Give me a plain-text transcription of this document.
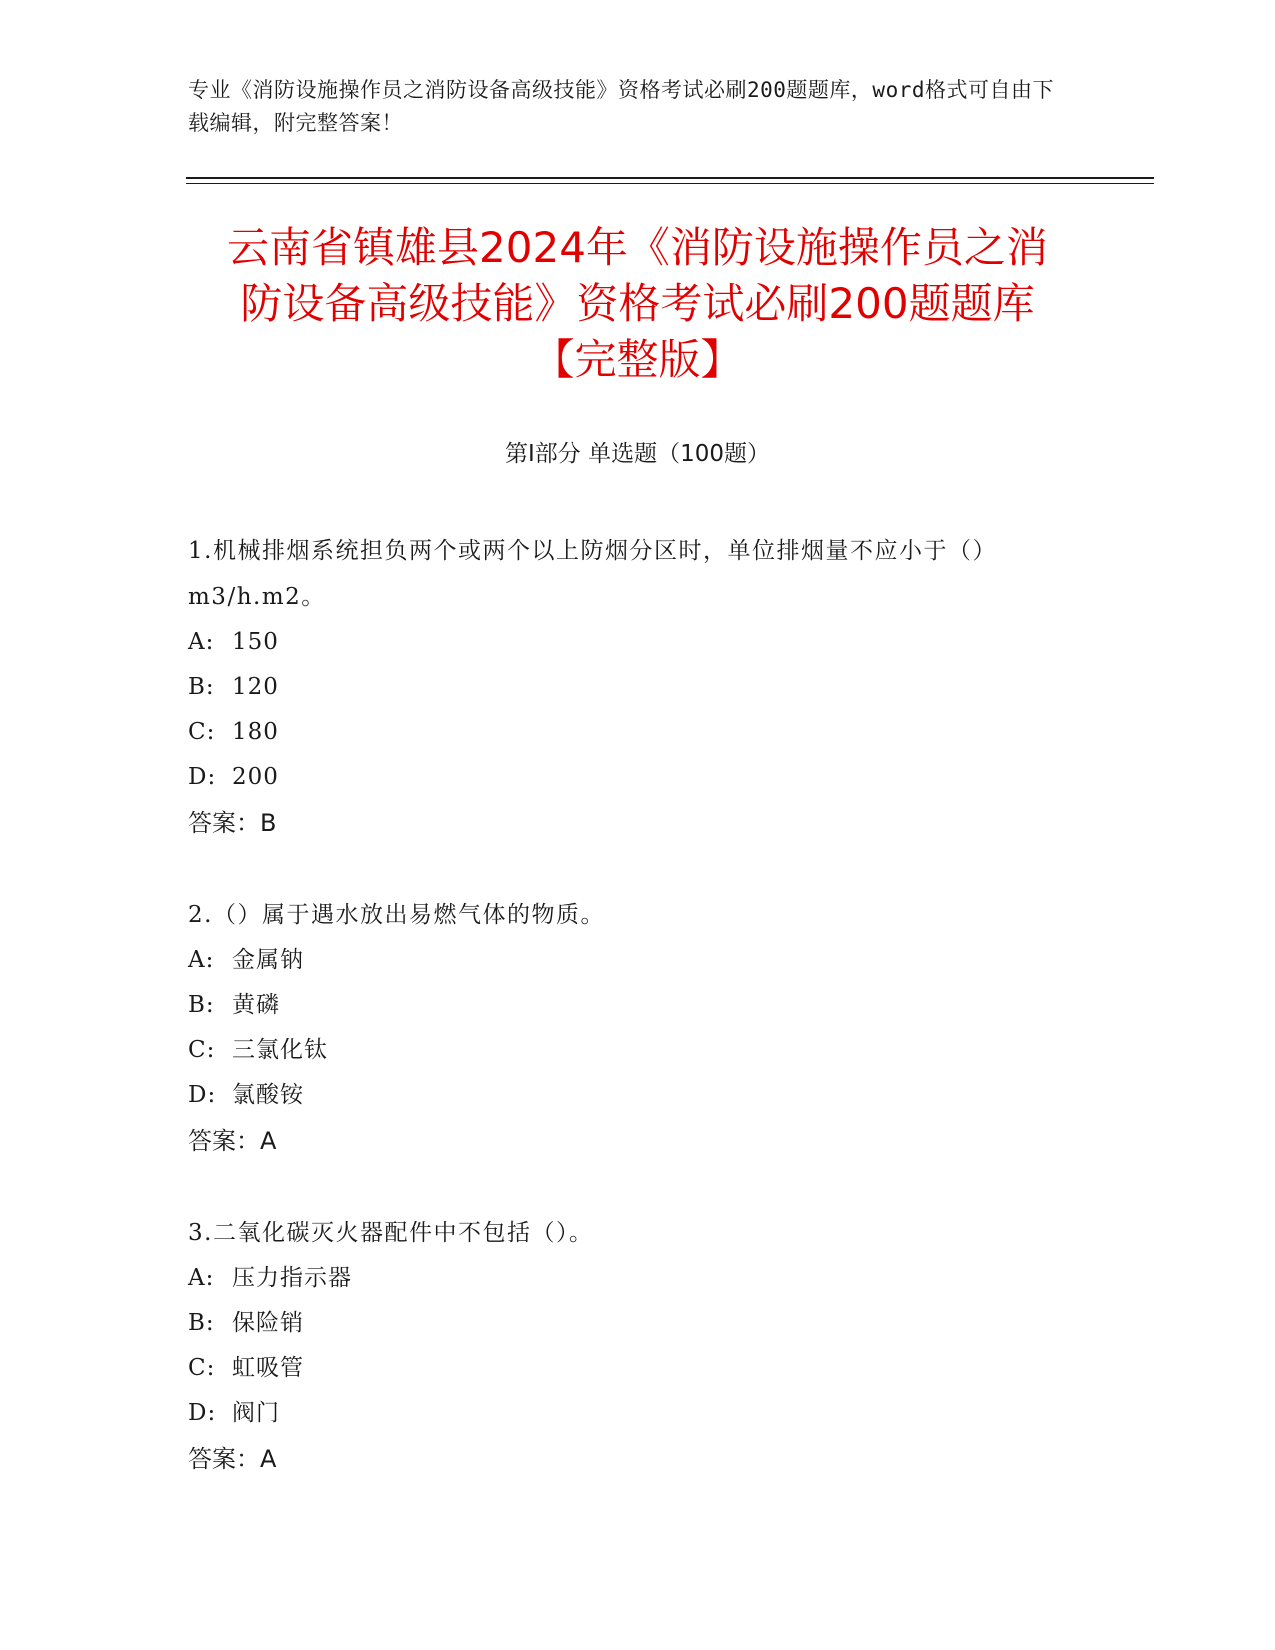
专业《消防设施操作员之消防设备高级技能》资格考试必刷200题题库，word格式可自由下载编辑，附完整答案！
云南省镇雄县2024年《消防设施操作员之消
防设备高级技能》资格考试必刷200题题库
【完整版】
第Ⅰ部分 单选题（100题）
1.机械排烟系统担负两个或两个以上防烟分区时，单位排烟量不应小于（）m3/h.m2。
A: 150
B: 120
C: 180
D: 200
答案：B
2.（）属于遇水放出易燃气体的物质。
A: 金属钠
B: 黄磷
C: 三氯化钛
D: 氯酸铵
答案：A
3.二氧化碳灭火器配件中不包括（）。
A: 压力指示器
B: 保险销
C: 虹吸管
D: 阀门
答案：A
